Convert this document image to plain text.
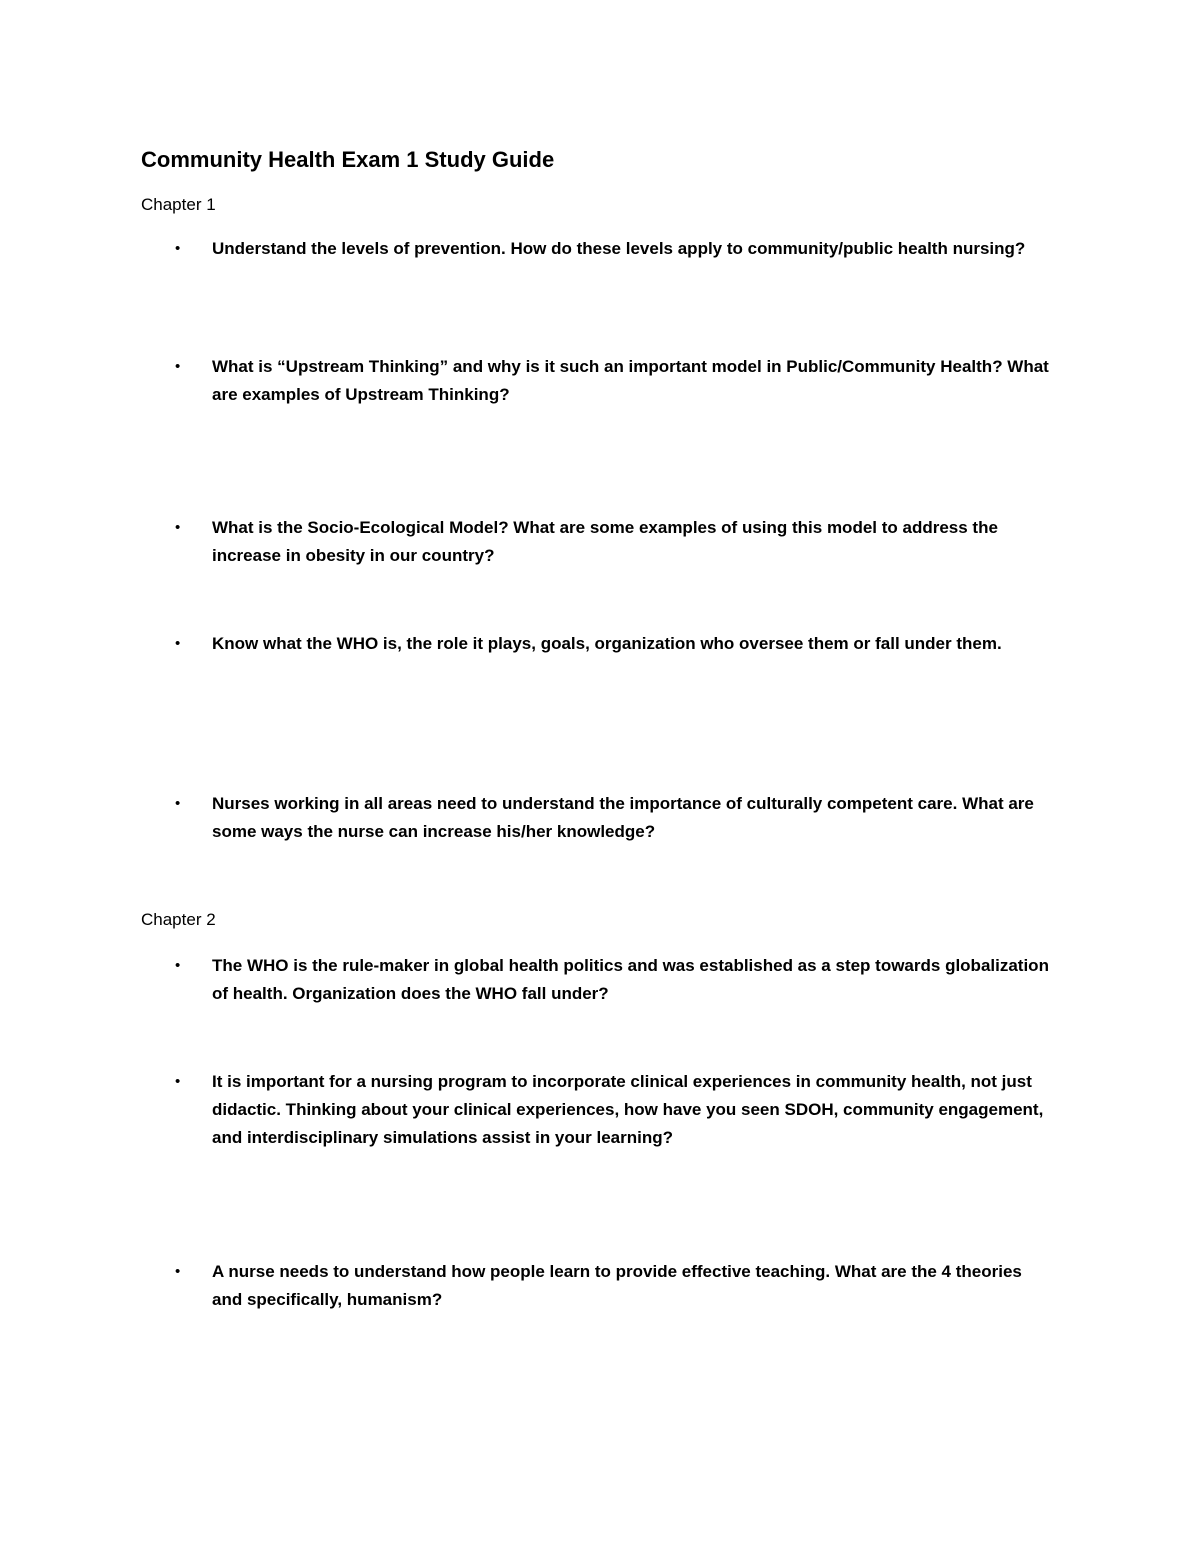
Community Health Exam 1 Study Guide
Chapter 1
• Understand the levels of prevention. How do these levels apply to community/public health nursing?
• What is “Upstream Thinking” and why is it such an important model in Public/Community Health? What are examples of Upstream Thinking?
• What is the Socio-Ecological Model? What are some examples of using this model to address the increase in obesity in our country?
• Know what the WHO is, the role it plays, goals, organization who oversee them or fall under them.
• Nurses working in all areas need to understand the importance of culturally competent care. What are some ways the nurse can increase his/her knowledge?
Chapter 2
• The WHO is the rule-maker in global health politics and was established as a step towards globalization of health. Organization does the WHO fall under?
• It is important for a nursing program to incorporate clinical experiences in community health, not just didactic. Thinking about your clinical experiences, how have you seen SDOH, community engagement, and interdisciplinary simulations assist in your learning?
• A nurse needs to understand how people learn to provide effective teaching. What are the 4 theories and specifically, humanism?
